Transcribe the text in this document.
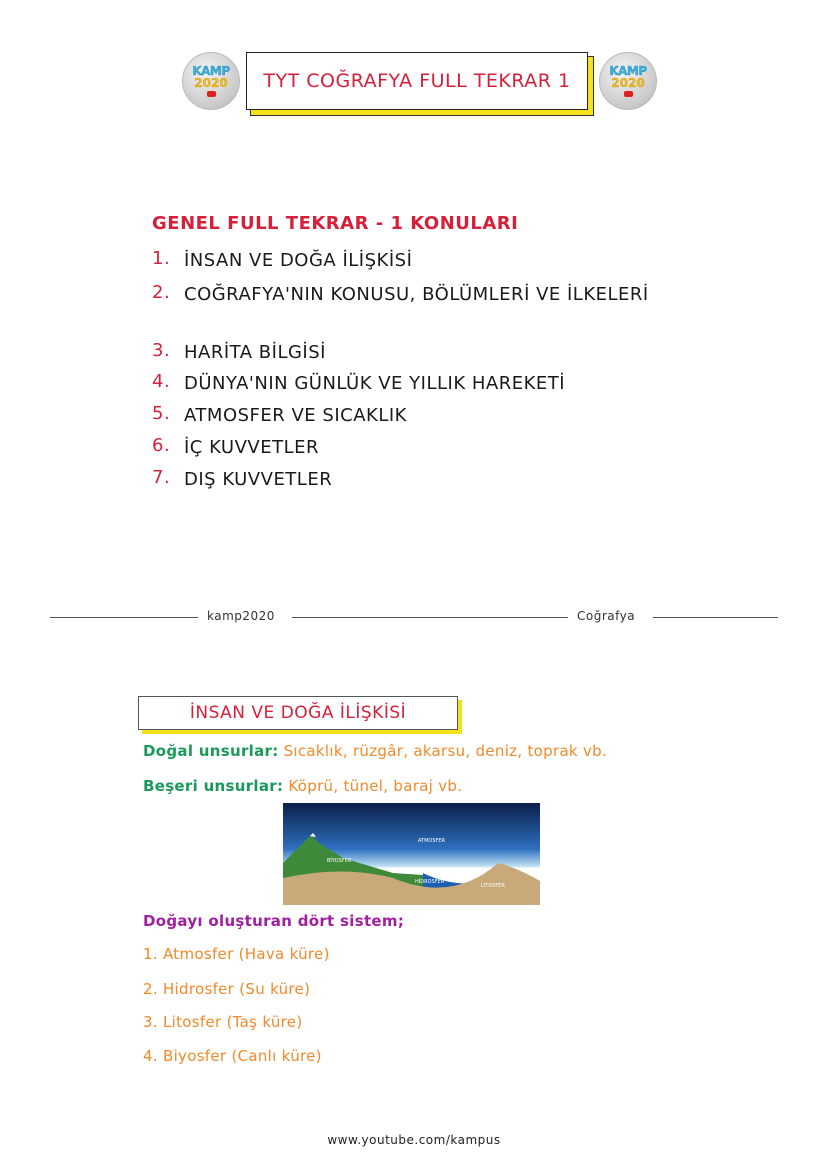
KAMP
2020	TYT COĞRAFYA FULL TEKRAR 1	KAMP
2020
GENEL FULL TEKRAR - 1 KONULARI
1. İNSAN VE DOĞA İLİŞKİSİ
2. COĞRAFYA'NIN KONUSU, BÖLÜMLERİ VE İLKELERİ
3. HARİTA BİLGİSİ
4. DÜNYA'NIN GÜNLÜK VE YILLIK HAREKETİ
5. ATMOSFER VE SICAKLIK
6. İÇ KUVVETLER
7. DIŞ KUVVETLER
kamp2020	Coğrafya
İNSAN VE DOĞA İLİŞKİSİ
Doğal unsurlar: Sıcaklık, rüzgâr, akarsu, deniz, toprak vb.
Beşeri unsurlar: Köprü, tünel, baraj vb.
ATMOSFER
BİYOSFER
HİDROSFER
LİTOSFER
Doğayı oluşturan dört sistem;
1. Atmosfer (Hava küre)
2. Hidrosfer (Su küre)
3. Litosfer (Taş küre)
4. Biyosfer (Canlı küre)
www.youtube.com/kampus
